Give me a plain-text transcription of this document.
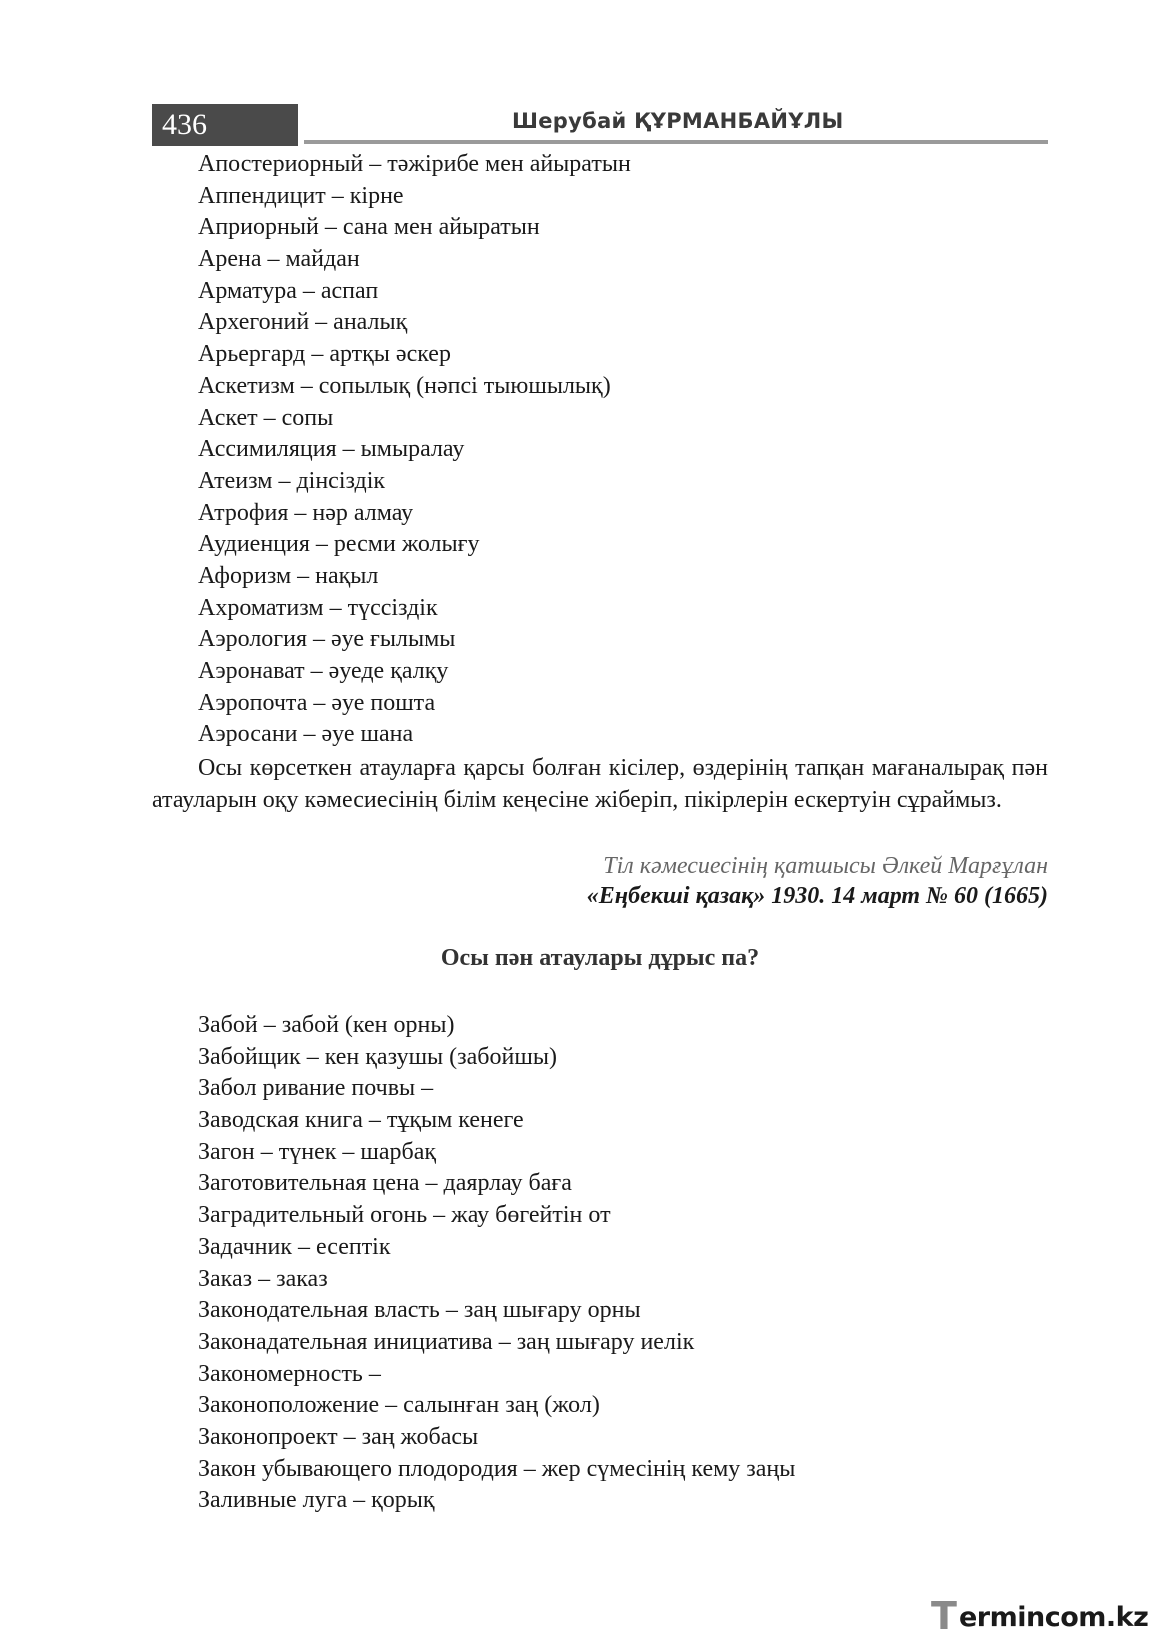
436	Шерубай ҚҰРМАНБАЙҰЛЫ
Апостериорный – тәжірибе мен айыратын
Аппендицит – кірне
Априорный – сана мен айыратын
Арена – майдан
Арматура – аспап
Архегоний – аналық
Арьергард – артқы әскер
Аскетизм – сопылық (нәпсі тыюшылық)
Аскет – сопы
Ассимиляция – ымыралау
Атеизм – дінсіздік
Атрофия – нәр алмау
Аудиенция – ресми жолығу
Афоризм – нақыл
Ахроматизм – түссіздік
Аэрология – әуе ғылымы
Аэронават – әуеде қалқу
Аэропочта – әуе пошта
Аэросани – әуе шана

Осы көрсеткен атауларға қарсы болған кісілер, өздерінің тапқан мағаналырақ пән атауларын оқу кәмесиесінің білім кеңесіне жіберіп, пікірлерін ескертуін сұраймыз.

Тіл кәмесиесінің қатшысы Әлкей Марғұлан
«Еңбекші қазақ» 1930. 14 март № 60 (1665)
Осы пән атаулары дұрыс па?
Забой – забой (кен орны)
Забойщик – кен қазушы (забойшы)
Забол ривание почвы –
Заводская книга – тұқым кенеге
Загон – түнек – шарбақ
Заготовительная цена – даярлау баға
Заградительный огонь – жау бөгейтін от
Задачник – есептік
Заказ – заказ
Законодательная власть – заң шығару орны
Законадательная инициатива – заң шығару иелік
Закономерность –
Законоположение – салынған заң (жол)
Законопроект – заң жобасы
Закон убывающего плодородия – жер сүмесінің кему заңы
Заливные луга – қорық
T ermincom.kz
